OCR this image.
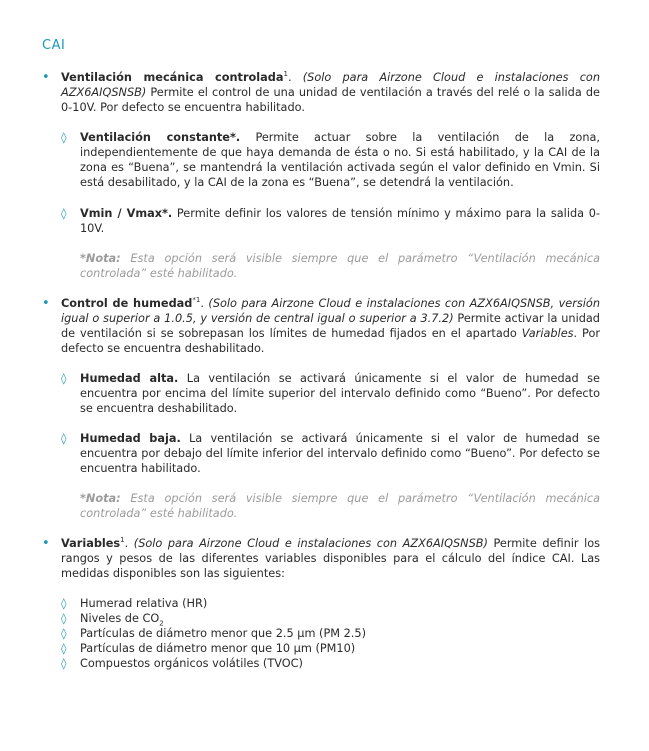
CAI
• Ventilación mecánica controlada$^1$. (Solo para Airzone Cloud e instalaciones con AZX6AIQSNSB) Permite el control de una unidad de ventilación a través del relé o la salida de 0-10V. Por defecto se encuentra habilitado.
◊ Ventilación constante*. Permite actuar sobre la ventilación de la zona, independientemente de que haya demanda de ésta o no. Si está habilitado, y la CAI de la zona es “Buena”, se mantendrá la ventilación activada según el valor definido en Vmin. Si está desabilitado, y la CAI de la zona es “Buena”, se detendrá la ventilación.
◊ Vmin / Vmax*. Permite definir los valores de tensión mínimo y máximo para la salida 0-10V.
*Nota: Esta opción será visible siempre que el parámetro “Ventilación mecánica controlada” esté habilitado.
• Control de humedad$^{*1}$. (Solo para Airzone Cloud e instalaciones con AZX6AIQSNSB, versión igual o superior a 1.0.5, y versión de central igual o superior a 3.7.2) Permite activar la unidad de ventilación si se sobrepasan los límites de humedad fijados en el apartado Variables. Por defecto se encuentra deshabilitado.
◊ Humedad alta. La ventilación se activará únicamente si el valor de humedad se encuentra por encima del límite superior del intervalo definido como “Bueno”. Por defecto se encuentra deshabilitado.
◊ Humedad baja. La ventilación se activará únicamente si el valor de humedad se encuentra por debajo del límite inferior del intervalo definido como “Bueno”. Por defecto se encuentra habilitado.
*Nota: Esta opción será visible siempre que el parámetro “Ventilación mecánica controlada” esté habilitado.
• Variables$^1$. (Solo para Airzone Cloud e instalaciones con AZX6AIQSNSB) Permite definir los rangos y pesos de las diferentes variables disponibles para el cálculo del índice CAI. Las medidas disponibles son las siguientes:
◊ Humerad relativa (HR)
◊ Niveles de $CO_2$
◊ Partículas de diámetro menor que 2.5 µm (PM 2.5)
◊ Partículas de diámetro menor que 10 µm (PM10)
◊ Compuestos orgánicos volátiles (TVOC)
